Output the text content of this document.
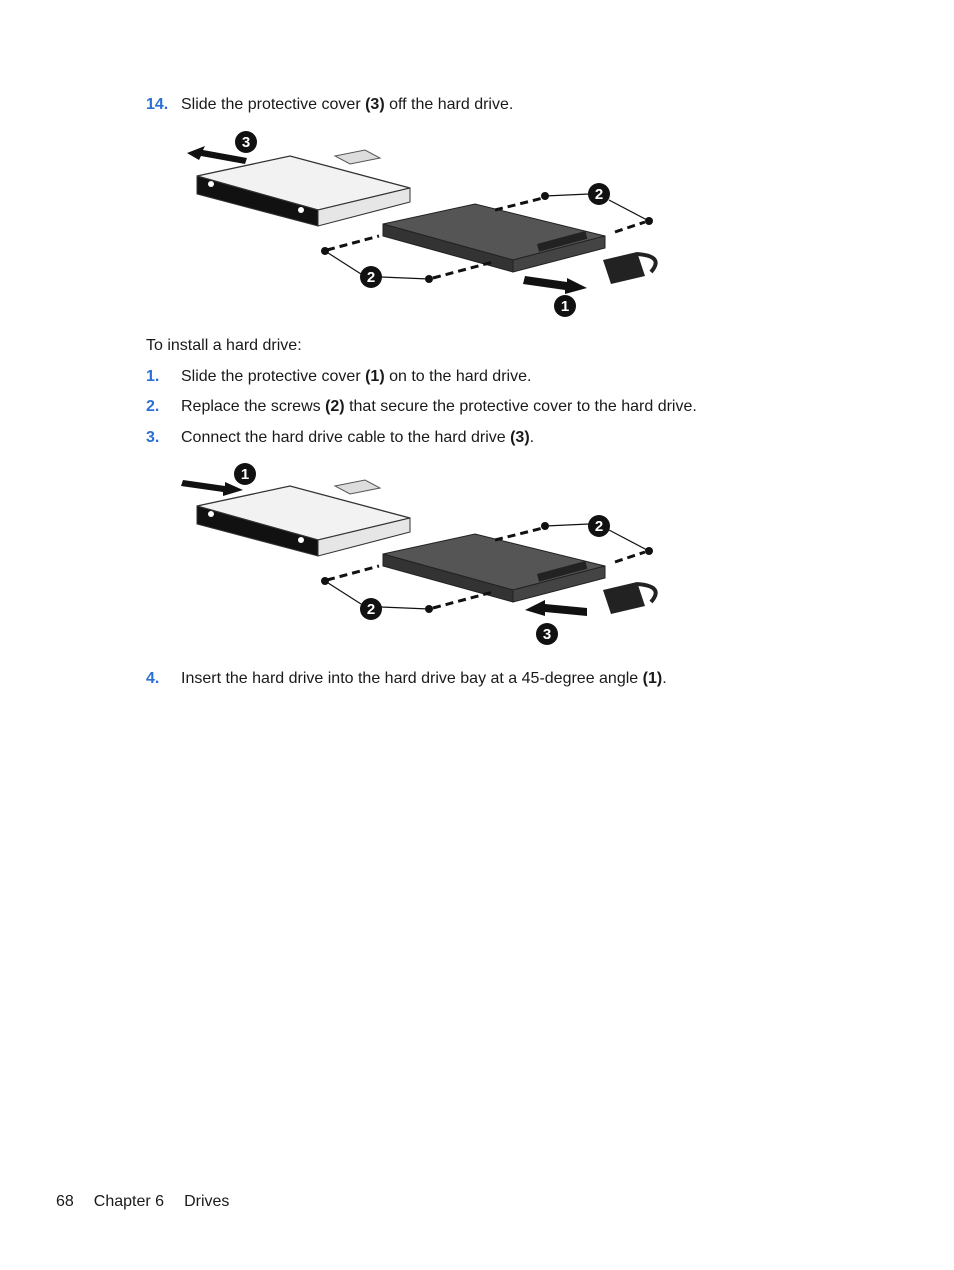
14. Slide the protective cover (3) off the hard drive.
3
2
2
1
To install a hard drive:
1. Slide the protective cover (1) on to the hard drive.
2. Replace the screws (2) that secure the protective cover to the hard drive.
3. Connect the hard drive cable to the hard drive (3).
1
2
2
3
4. Insert the hard drive into the hard drive bay at a 45-degree angle (1).
68 Chapter 6 Drives
